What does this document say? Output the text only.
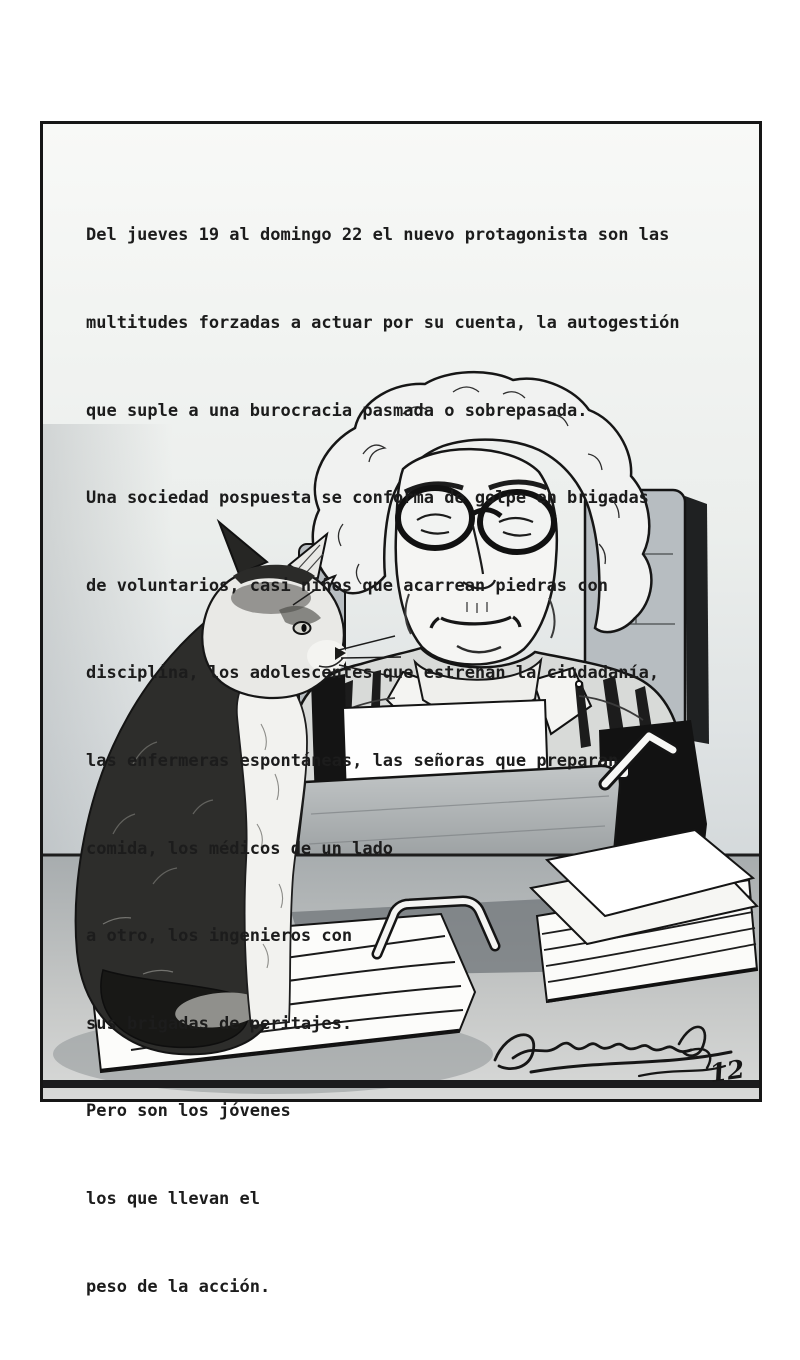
12

Del jueves 19 al domingo 22 el nuevo protagonista son las

multitudes forzadas a actuar por su cuenta, la autogestión

que suple a una burocracia pasmada o sobrepasada.

Una sociedad pospuesta se conforma de golpe en brigadas

de voluntarios, casi niños que acarrean piedras con

disciplina, los adolescentes que estrenan la ciudadanía,

las enfermeras espontáneas, las señoras que preparan

comida, los médicos de un lado

a otro, los ingenieros con

sus brigadas de peritajes.

Pero son los jóvenes

los que llevan el

peso de la acción.
